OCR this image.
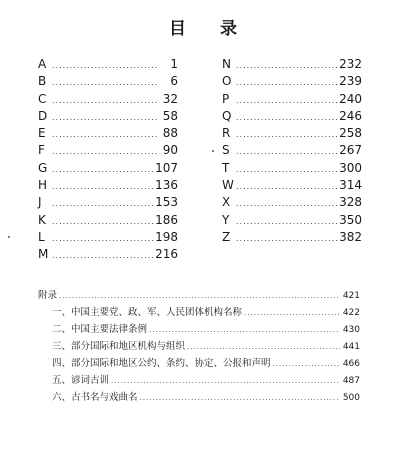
目 录
A .....	1
B .....	6
C .....	32
D .....	58
E .....	88
F .....	90
G .....	107
H .....	136
J .....	153
K .....	186
L .....	198
M .....	216
N .....	232
O .....	239
P .....	240
Q .....	246
R .....	258
S .....	267
T .....	300
W .....	314
X .....	328
Y .....	350
Z .....	382
附录 .....	421
一、中国主要党、政、军、人民团体机构名称 .....	422
二、中国主要法律条例 .....	430
三、部分国际和地区机构与组织 .....	441
四、部分国际和地区公约、条约、协定、公报和声明 .....	466
五、谚词古训 .....	487
六、古书名与戏曲名 .....	500
